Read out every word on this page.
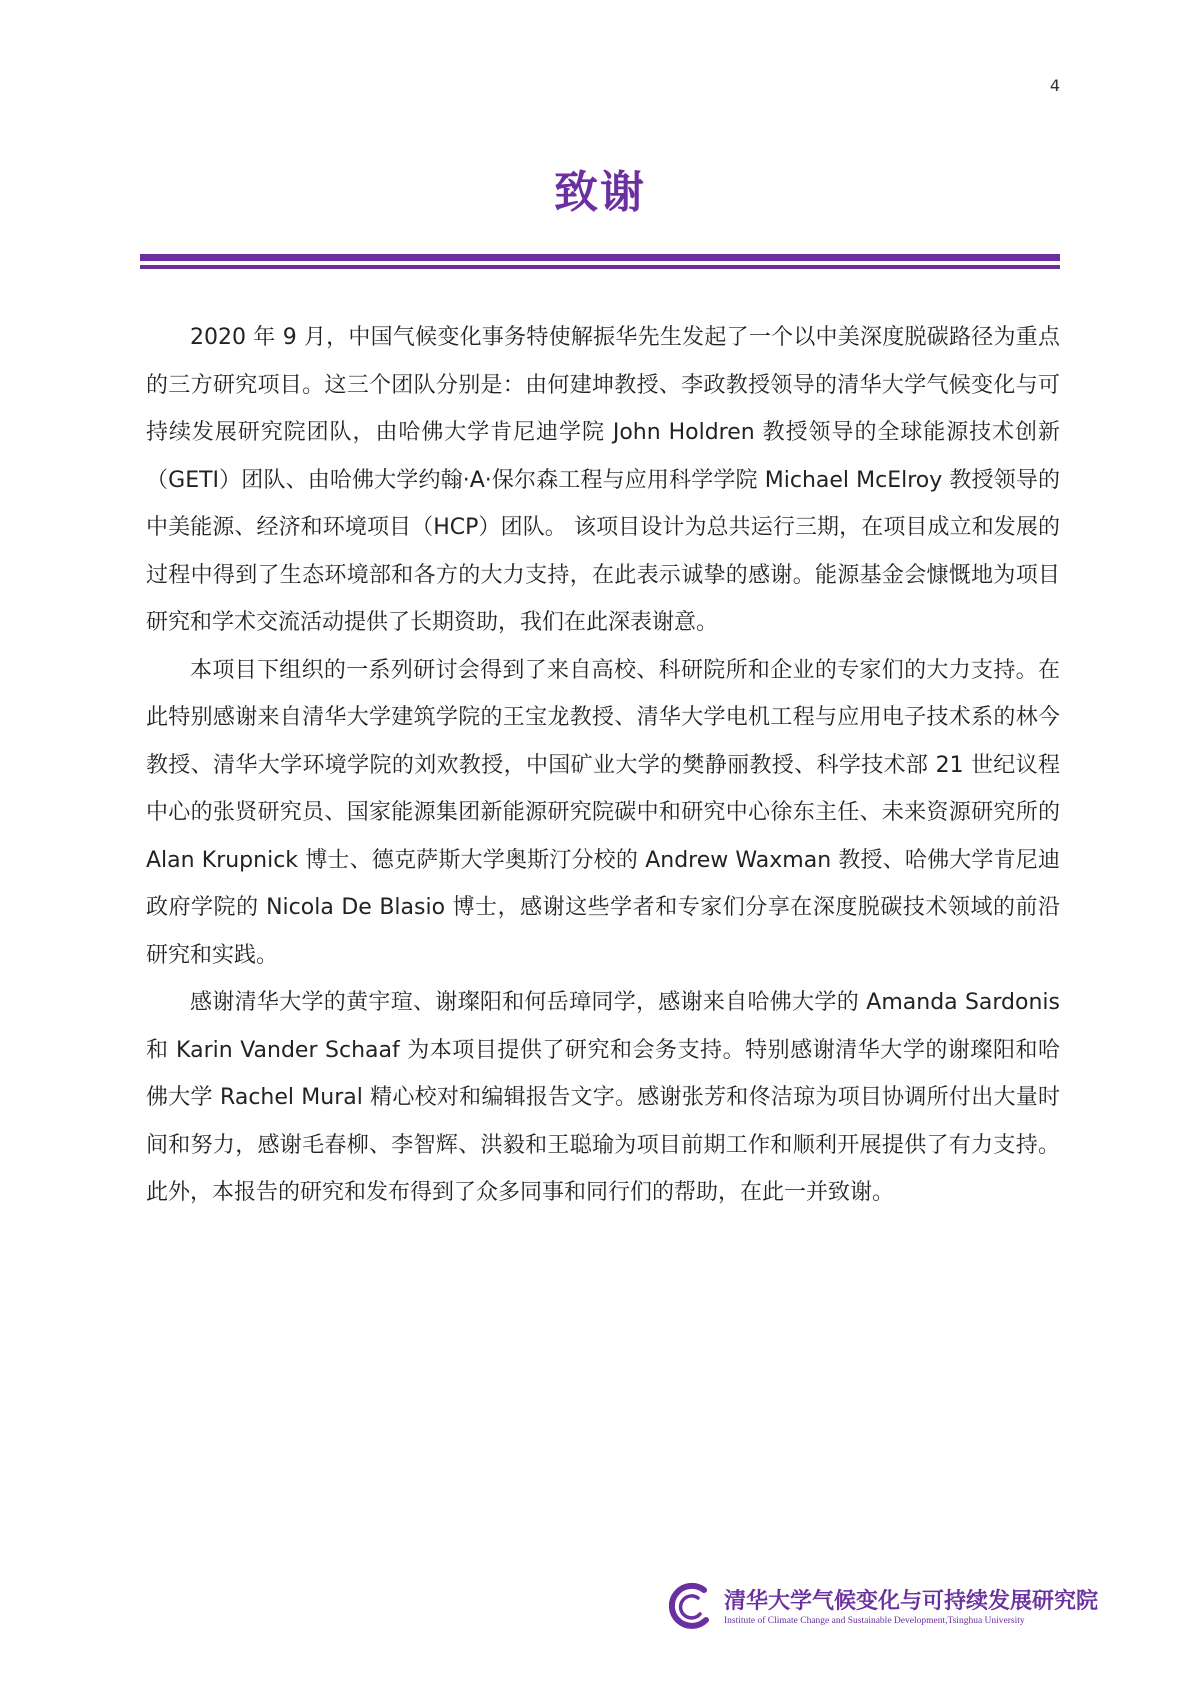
4
致谢

2020 年 9 月，中国气候变化事务特使解振华先生发起了一个以中美深度脱碳路径为重点的三方研究项目。这三个团队分别是：由何建坤教授、李政教授领导的清华大学气候变化与可持续发展研究院团队，由哈佛大学肯尼迪学院 John Holdren 教授领导的全球能源技术创新（GETI）团队、由哈佛大学约翰·A·保尔森工程与应用科学学院 Michael McElroy 教授领导的中美能源、经济和环境项目（HCP）团队。 该项目设计为总共运行三期，在项目成立和发展的过程中得到了生态环境部和各方的大力支持，在此表示诚挚的感谢。能源基金会慷慨地为项目研究和学术交流活动提供了长期资助，我们在此深表谢意。

本项目下组织的一系列研讨会得到了来自高校、科研院所和企业的专家们的大力支持。在此特别感谢来自清华大学建筑学院的王宝龙教授、清华大学电机工程与应用电子技术系的林今教授、清华大学环境学院的刘欢教授，中国矿业大学的樊静丽教授、科学技术部 21 世纪议程中心的张贤研究员、国家能源集团新能源研究院碳中和研究中心徐东主任、未来资源研究所的 Alan Krupnick 博士、德克萨斯大学奥斯汀分校的 Andrew Waxman 教授、哈佛大学肯尼迪政府学院的 Nicola De Blasio 博士，感谢这些学者和专家们分享在深度脱碳技术领域的前沿研究和实践。

感谢清华大学的黄宇瑄、谢璨阳和何岳璋同学，感谢来自哈佛大学的 Amanda Sardonis 和 Karin Vander Schaaf 为本项目提供了研究和会务支持。特别感谢清华大学的谢璨阳和哈佛大学 Rachel Mural 精心校对和编辑报告文字。感谢张芳和佟洁琼为项目协调所付出大量时间和努力，感谢毛春柳、李智辉、洪毅和王聪瑜为项目前期工作和顺利开展提供了有力支持。此外，本报告的研究和发布得到了众多同事和同行们的帮助，在此一并致谢。

清华大学气候变化与可持续发展研究院
Institute of Climate Change and Sustainable Development,Tsinghua University
